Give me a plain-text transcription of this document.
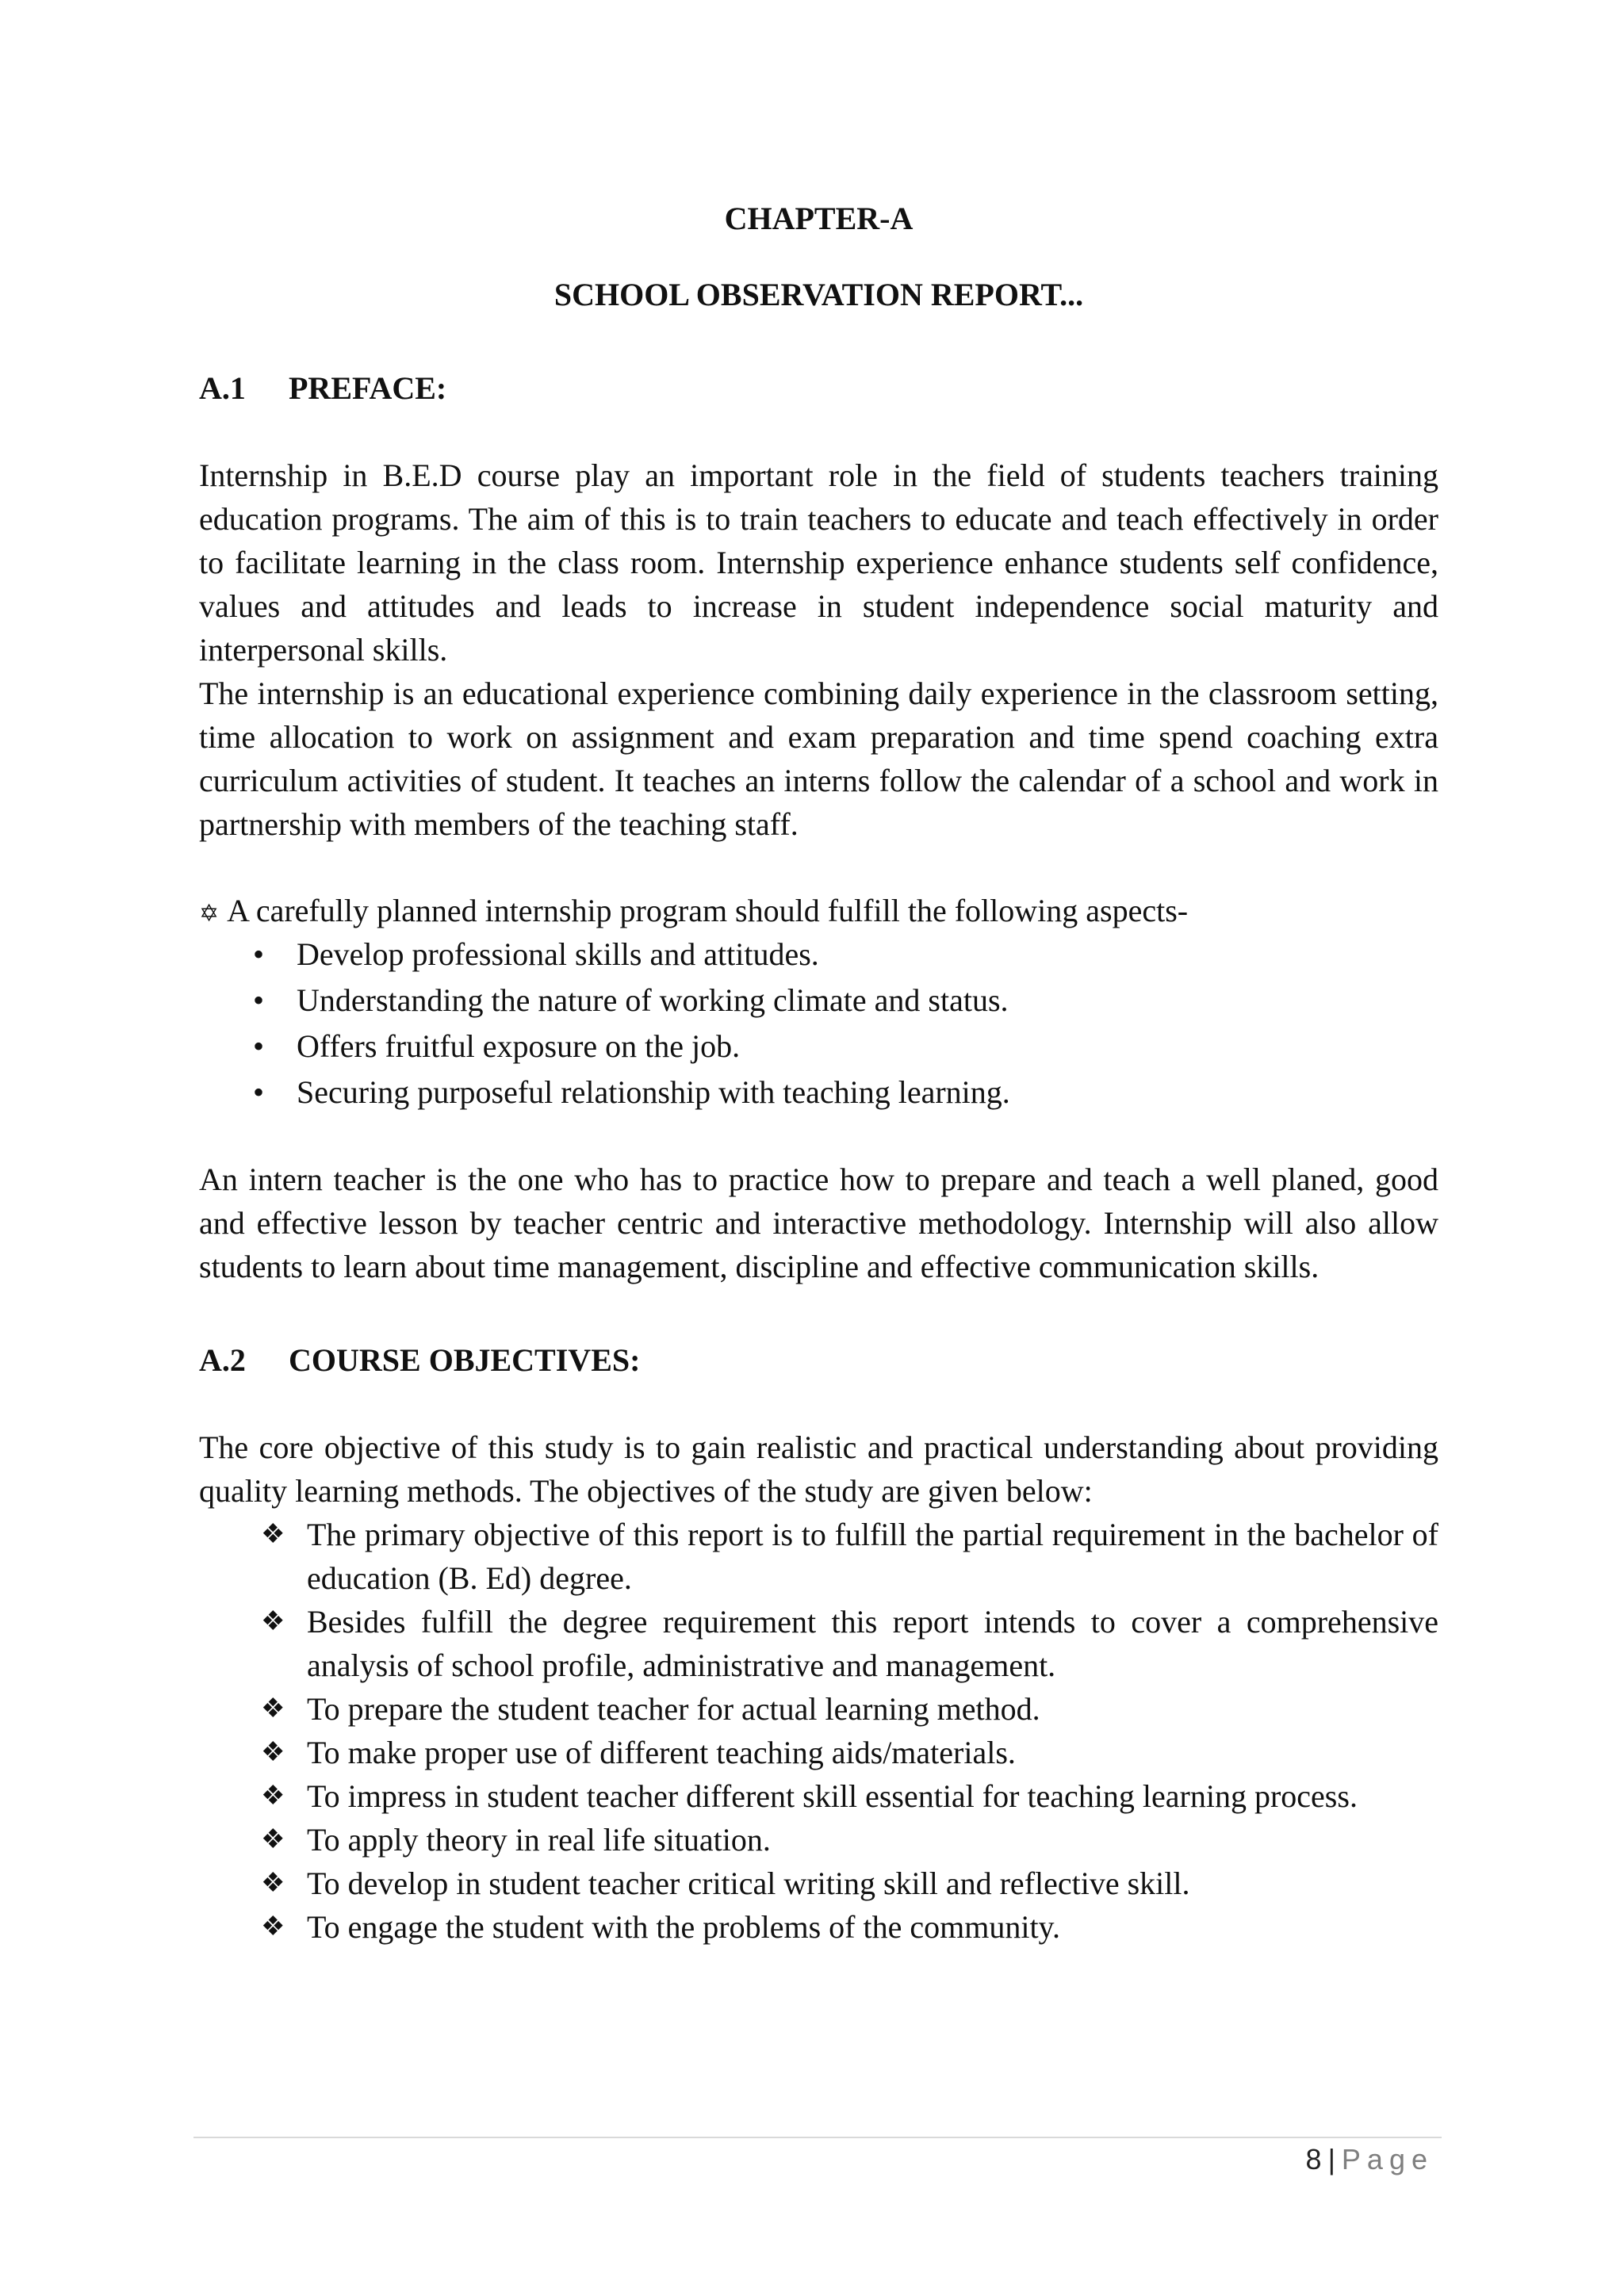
CHAPTER-A
SCHOOL OBSERVATION REPORT...
A.1 PREFACE:

Internship in B.E.D course play an important role in the field of students teachers training education programs. The aim of this is to train teachers to educate and teach effectively in order to facilitate learning in the class room. Internship experience enhance students self confidence, values and attitudes and leads to increase in student independence social maturity and interpersonal skills.

The internship is an educational experience combining daily experience in the classroom setting, time allocation to work on assignment and exam preparation and time spend coaching extra curriculum activities of student. It teaches an interns follow the calendar of a school and work in partnership with members of the teaching staff.

✡ A carefully planned internship program should fulfill the following aspects-

• Develop professional skills and attitudes.
• Understanding the nature of working climate and status.
• Offers fruitful exposure on the job.
• Securing purposeful relationship with teaching learning.

An intern teacher is the one who has to practice how to prepare and teach a well planed, good and effective lesson by teacher centric and interactive methodology. Internship will also allow students to learn about time management, discipline and effective communication skills.

A.2 COURSE OBJECTIVES:

The core objective of this study is to gain realistic and practical understanding about providing quality learning methods. The objectives of the study are given below:

❖ The primary objective of this report is to fulfill the partial requirement in the bachelor of education (B. Ed) degree.
❖ Besides fulfill the degree requirement this report intends to cover a comprehensive analysis of school profile, administrative and management.
❖ To prepare the student teacher for actual learning method.
❖ To make proper use of different teaching aids/materials.
❖ To impress in student teacher different skill essential for teaching learning process.
❖ To apply theory in real life situation.
❖ To develop in student teacher critical writing skill and reflective skill.
❖ To engage the student with the problems of the community.
8 | Page
